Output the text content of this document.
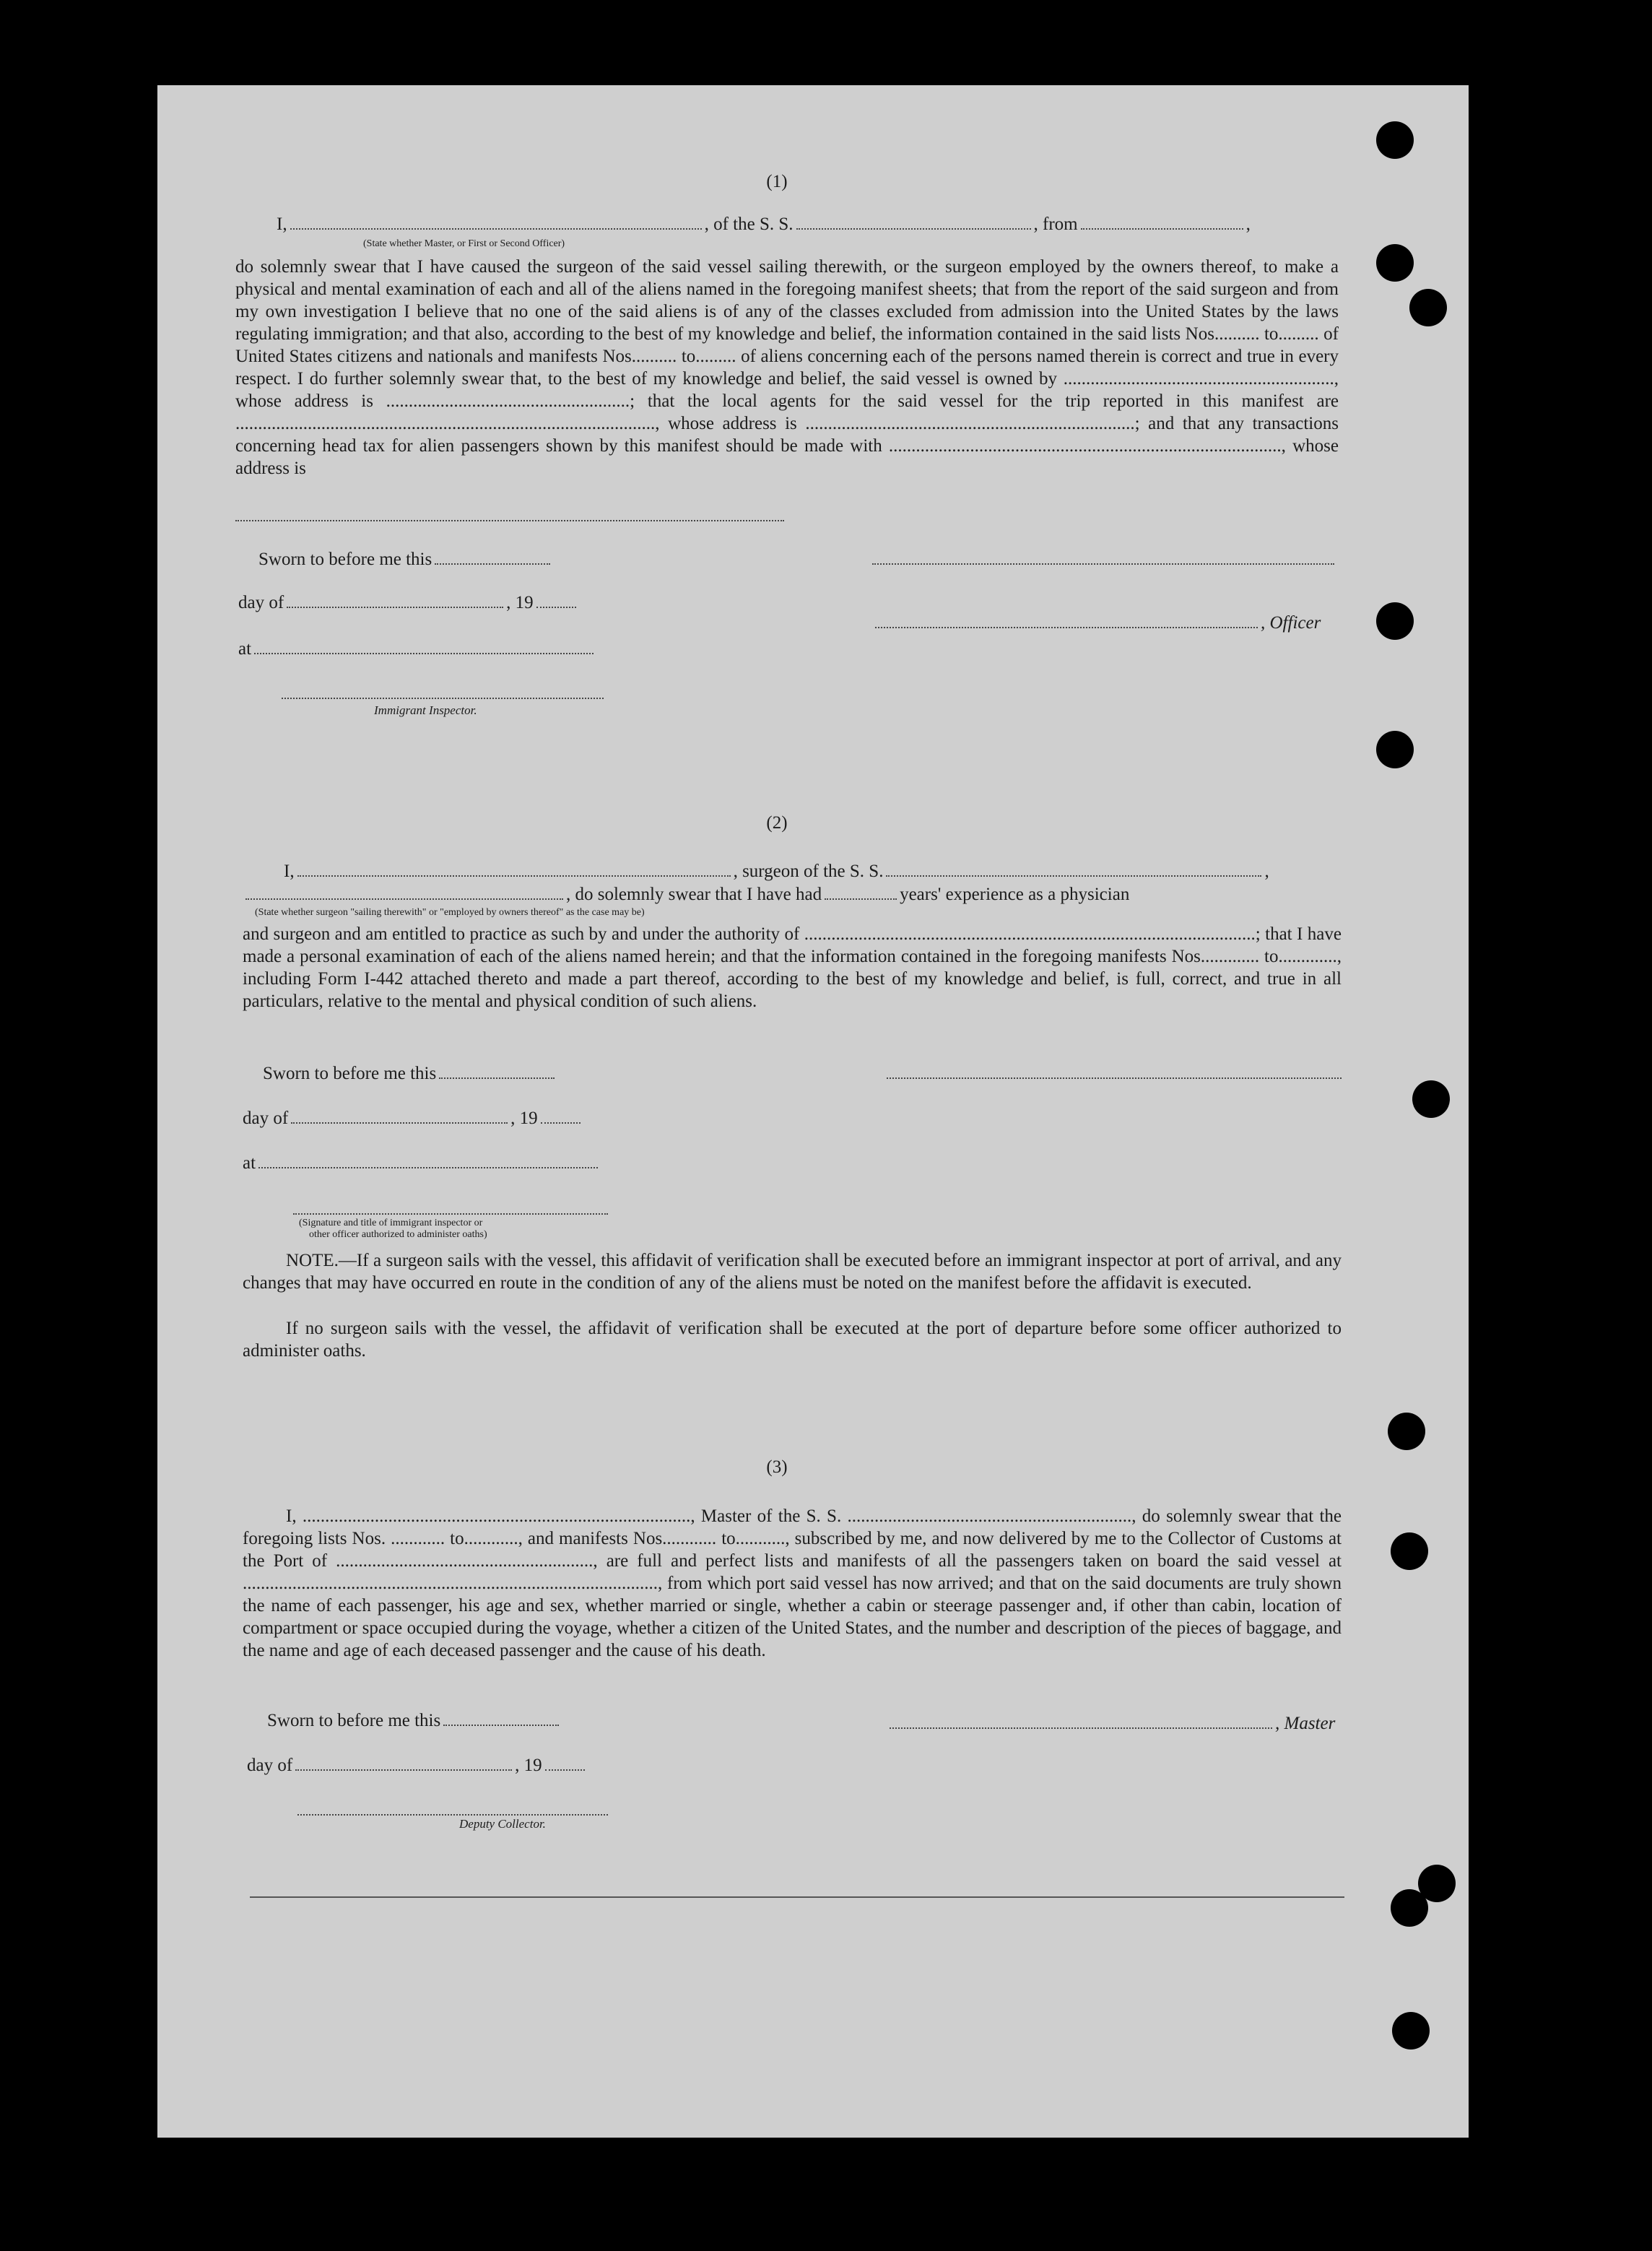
(1)
I,	, of the S. S.	, from	,
(State whether Master, or First or Second Officer)
do solemnly swear that I have caused the surgeon of the said vessel sailing therewith, or the surgeon employed by the owners thereof, to make a physical and mental examination of each and all of the aliens named in the foregoing manifest sheets; that from the report of the said surgeon and from my own investigation I believe that no one of the said aliens is of any of the classes excluded from admission into the United States by the laws regulating immigration; and that also, according to the best of my knowledge and belief, the information contained in the said lists Nos.......... to......... of United States citizens and nationals and manifests Nos.......... to......... of aliens concerning each of the persons named therein is correct and true in every respect. I do further solemnly swear that, to the best of my knowledge and belief, the said vessel is owned by ............................................................, whose address is ......................................................; that the local agents for the said vessel for the trip reported in this manifest are ............................................................................................., whose address is .........................................................................; and that any transactions concerning head tax for alien passengers shown by this manifest should be made with ......................................................................................., whose address is
Sworn to before me this
day of	, 19
, Officer
at
Immigrant Inspector.
(2)
I,	, surgeon of the S. S.	,
, do solemnly swear that I have had	years' experience as a physician
(State whether surgeon "sailing therewith" or "employed by owners thereof" as the case may be)
and surgeon and am entitled to practice as such by and under the authority of ....................................................................................................; that I have made a personal examination of each of the aliens named herein; and that the information contained in the foregoing manifests Nos............. to............., including Form I-442 attached thereto and made a part thereof, according to the best of my knowledge and belief, is full, correct, and true in all particulars, relative to the mental and physical condition of such aliens.
Sworn to before me this
day of	, 19
at
(Signature and title of immigrant inspector or
other officer authorized to administer oaths)
NOTE.—If a surgeon sails with the vessel, this affidavit of verification shall be executed before an immigrant inspector at port of arrival, and any changes that may have occurred en route in the condition of any of the aliens must be noted on the manifest before the affidavit is executed.
If no surgeon sails with the vessel, the affidavit of verification shall be executed at the port of departure before some officer authorized to administer oaths.
(3)
I, ......................................................................................, Master of the S. S. ..............................................................., do solemnly swear that the foregoing lists Nos. ............ to............, and manifests Nos............ to..........., subscribed by me, and now delivered by me to the Collector of Customs at the Port of ........................................................., are full and perfect lists and manifests of all the passengers taken on board the said vessel at ............................................................................................, from which port said vessel has now arrived; and that on the said documents are truly shown the name of each passenger, his age and sex, whether married or single, whether a cabin or steerage passenger and, if other than cabin, location of compartment or space occupied during the voyage, whether a citizen of the United States, and the number and description of the pieces of baggage, and the name and age of each deceased passenger and the cause of his death.
Sworn to before me this	, Master
day of	, 19
Deputy Collector.
